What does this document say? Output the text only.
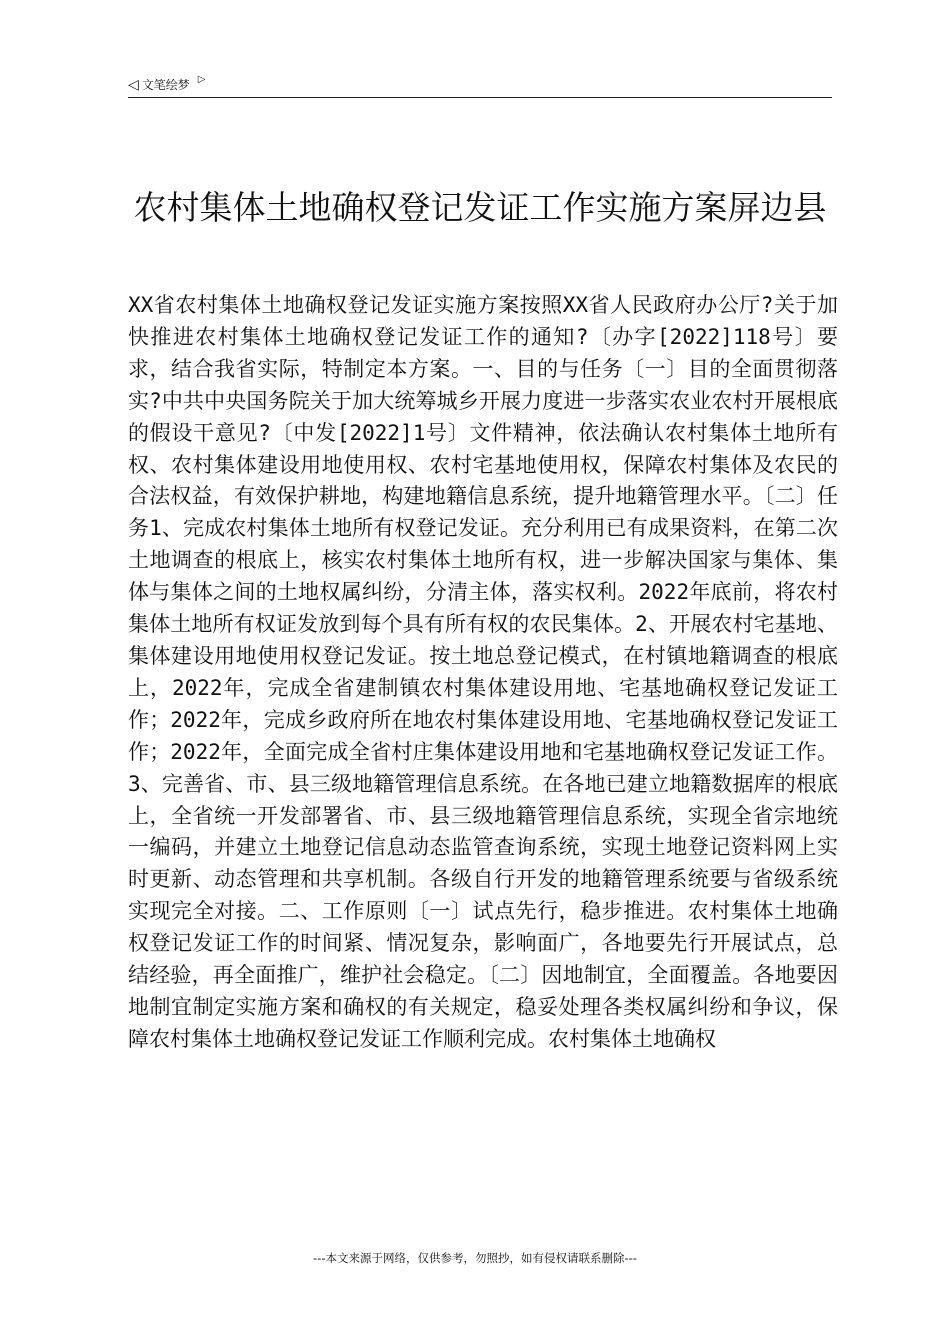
◁ 文笔绘梦 ▷
农村集体土地确权登记发证工作实施方案屏边县

XX省农村集体土地确权登记发证实施方案按照XX省人民政府办公厅?关于加快推进农村集体土地确权登记发证工作的通知?〔办字[2022]118号〕要求，结合我省实际，特制定本方案。一、目的与任务〔一〕目的全面贯彻落实?中共中央国务院关于加大统筹城乡开展力度进一步落实农业农村开展根底的假设干意见?〔中发[2022]1号〕文件精神，依法确认农村集体土地所有权、农村集体建设用地使用权、农村宅基地使用权，保障农村集体及农民的合法权益，有效保护耕地，构建地籍信息系统，提升地籍管理水平。〔二〕任务1、完成农村集体土地所有权登记发证。充分利用已有成果资料，在第二次土地调查的根底上，核实农村集体土地所有权，进一步解决国家与集体、集体与集体之间的土地权属纠纷，分清主体，落实权利。2022年底前，将农村集体土地所有权证发放到每个具有所有权的农民集体。2、开展农村宅基地、集体建设用地使用权登记发证。按土地总登记模式，在村镇地籍调查的根底上，2022年，完成全省建制镇农村集体建设用地、宅基地确权登记发证工作；2022年，完成乡政府所在地农村集体建设用地、宅基地确权登记发证工作；2022年，全面完成全省村庄集体建设用地和宅基地确权登记发证工作。3、完善省、市、县三级地籍管理信息系统。在各地已建立地籍数据库的根底上，全省统一开发部署省、市、县三级地籍管理信息系统，实现全省宗地统一编码，并建立土地登记信息动态监管查询系统，实现土地登记资料网上实时更新、动态管理和共享机制。各级自行开发的地籍管理系统要与省级系统实现完全对接。二、工作原则〔一〕试点先行，稳步推进。农村集体土地确权登记发证工作的时间紧、情况复杂，影响面广，各地要先行开展试点，总结经验，再全面推广，维护社会稳定。〔二〕因地制宜，全面覆盖。各地要因地制宜制定实施方案和确权的有关规定，稳妥处理各类权属纠纷和争议，保障农村集体土地确权登记发证工作顺利完成。农村集体土地确权

---本文来源于网络，仅供参考，勿照抄，如有侵权请联系删除---
